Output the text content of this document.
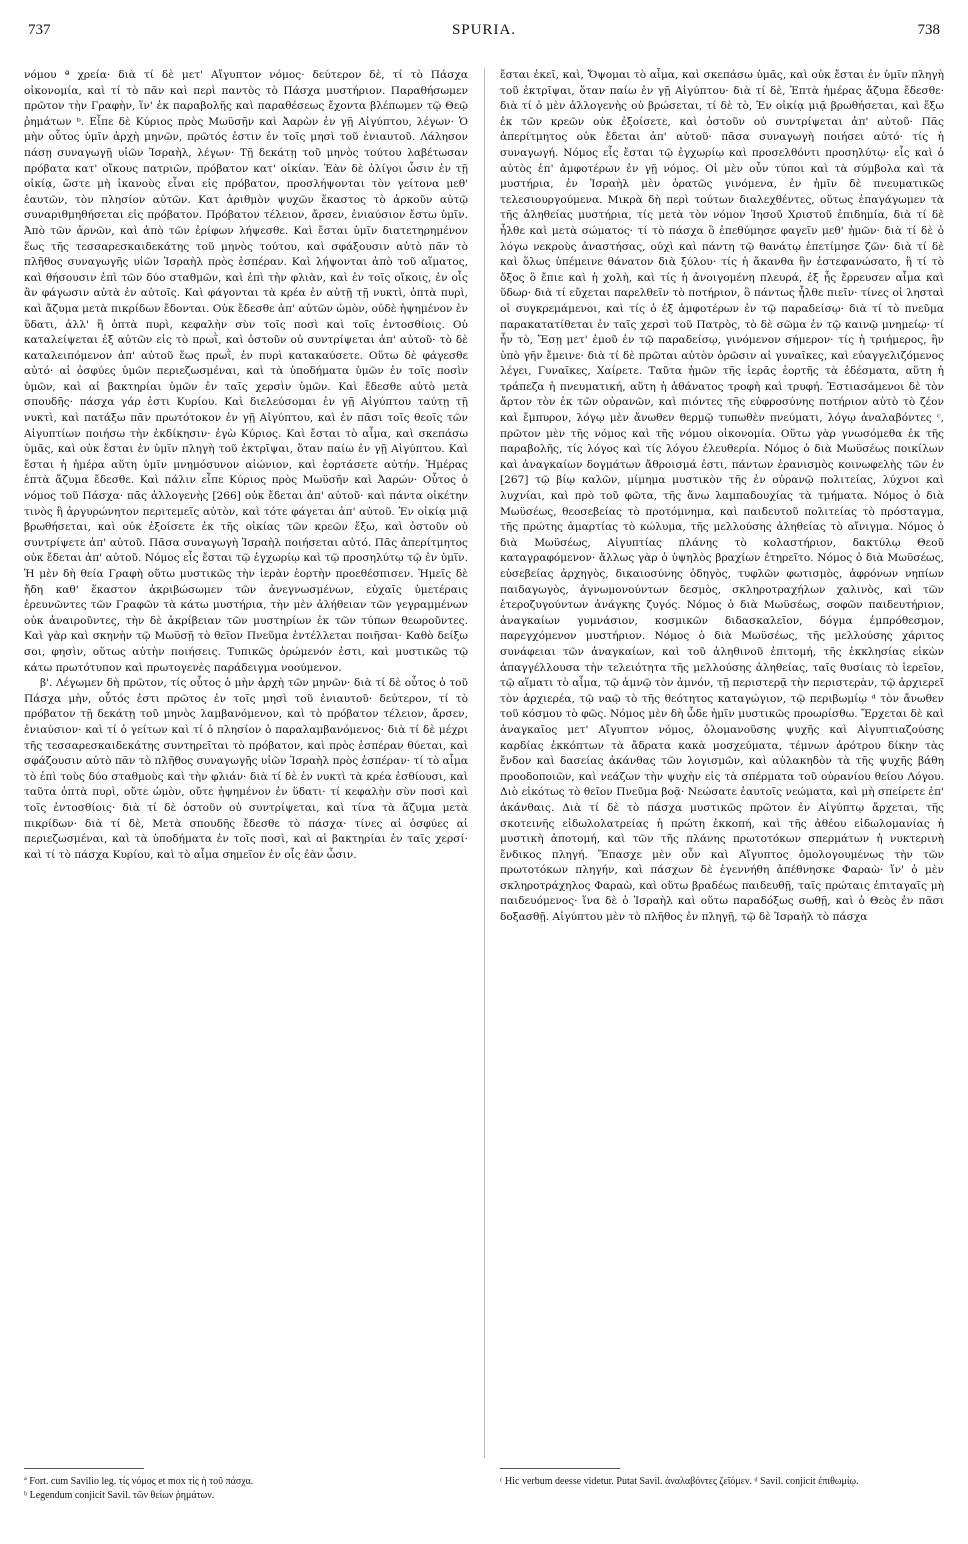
737	SPURIA.	738

νόμου ª χρεία· διὰ τί δὲ μετ' Αἴγυπτον νόμος· δεύτερον δὲ, τί τὸ Πάσχα οἰκονομία, καὶ τί τὸ πᾶν καὶ περὶ παντὸς τὸ Πάσχα μυστήριον. Παραθήσωμεν πρῶτον τὴν Γραφὴν, ἵν' ἐκ παραβολῆς καὶ παραθέσεως ἔχοντα βλέπωμεν τῷ Θεῷ ῥημάτων ᵇ. Εἶπε δὲ Κύριος πρὸς Μωϋσῆν καὶ Ἀαρὼν ἐν γῇ Αἰγύπτου, λέγων· Ὁ μὴν οὗτος ὑμῖν ἀρχὴ μηνῶν, πρῶτός ἐστιν ἐν τοῖς μησὶ τοῦ ἐνιαυτοῦ. Λάλησον πάσῃ συναγωγῇ υἱῶν Ἰσραὴλ, λέγων· Τῇ δεκάτῃ τοῦ μηνὸς τούτου λαβέτωσαν πρόβατα κατ' οἴκους πατριῶν, πρόβατον κατ' οἰκίαν. Ἐὰν δὲ ὀλίγοι ὦσιν ἐν τῇ οἰκίᾳ, ὥστε μὴ ἱκανοὺς εἶναι εἰς πρόβατον, προσλήψονται τὸν γείτονα μεθ' ἑαυτῶν, τὸν πλησίον αὐτῶν. Κατ ἀριθμὸν ψυχῶν ἕκαστος τὸ ἀρκοῦν αὐτῷ συναριθμηθήσεται εἰς πρόβατον. Πρόβατον τέλειον, ἄρσεν, ἐνιαύσιον ἔστω ὑμῖν. Ἀπὸ τῶν ἀρνῶν, καὶ ἀπὸ τῶν ἐρίφων λήψεσθε. Καὶ ἔσται ὑμῖν διατετηρημένον ἕως τῆς τεσσαρεσκαιδεκάτης τοῦ μηνὸς τούτου, καὶ σφάξουσιν αὐτὸ πᾶν τὸ πλῆθος συναγωγῆς υἱῶν Ἰσραὴλ πρὸς ἑσπέραν. Καὶ λήψονται ἀπὸ τοῦ αἵματος, καὶ θήσουσιν ἐπὶ τῶν δύο σταθμῶν, καὶ ἐπὶ τὴν φλιὰν, καὶ ἐν τοῖς οἴκοις, ἐν οἷς ἂν φάγωσιν αὐτὰ ἐν αὐτοῖς. Καὶ φάγονται τὰ κρέα ἐν αὐτῇ τῇ νυκτὶ, ὀπτὰ πυρὶ, καὶ ἄζυμα μετὰ πικρίδων ἔδονται. Οὐκ ἔδεσθε ἀπ' αὐτῶν ὠμὸν, οὐδὲ ἡψημένον ἐν ὕδατι, ἀλλ' ἢ ὀπτὰ πυρὶ, κεφαλὴν σὺν τοῖς ποσὶ καὶ τοῖς ἐντοσθίοις. Οὐ καταλείψεται ἐξ αὐτῶν εἰς τὸ πρωῒ, καὶ ὀστοῦν οὐ συντρίψεται ἀπ' αὐτοῦ· τὸ δὲ καταλειπόμενον ἀπ' αὐτοῦ ἕως πρωῒ, ἐν πυρὶ κατακαύσετε. Οὕτω δὲ φάγεσθε αὐτό· αἱ ὀσφύες ὑμῶν περιεζωσμέναι, καὶ τὰ ὑποδήματα ὑμῶν ἐν τοῖς ποσὶν ὑμῶν, καὶ αἱ βακτηρίαι ὑμῶν ἐν ταῖς χερσὶν ὑμῶν. Καὶ ἔδεσθε αὐτὸ μετὰ σπουδῆς· πάσχα γάρ ἐστι Κυρίου. Καὶ διελεύσομαι ἐν γῇ Αἰγύπτου ταύτῃ τῇ νυκτὶ, καὶ πατάξω πᾶν πρωτότοκον ἐν γῇ Αἰγύπτου, καὶ ἐν πᾶσι τοῖς θεοῖς τῶν Αἰγυπτίων ποιήσω τὴν ἐκδίκησιν· ἐγὼ Κύριος. Καὶ ἔσται τὸ αἷμα, καὶ σκεπάσω ὑμᾶς, καὶ οὐκ ἔσται ἐν ὑμῖν πληγὴ τοῦ ἐκτρῖψαι, ὅταν παίω ἐν γῇ Αἰγύπτου. Καὶ ἔσται ἡ ἡμέρα αὕτη ὑμῖν μνημόσυνον αἰώνιον, καὶ ἑορτάσετε αὐτήν. Ἡμέρας ἑπτὰ ἄζυμα ἔδεσθε. Καὶ πάλιν εἶπε Κύριος πρὸς Μωϋσῆν καὶ Ἀαρών· Οὗτος ὁ νόμος τοῦ Πάσχα· πᾶς ἀλλογενὴς [266] οὐκ ἔδεται ἀπ' αὐτοῦ· καὶ πάντα οἰκέτην τινὸς ἢ ἀργυρώνητον περιτεμεῖς αὐτὸν, καὶ τότε φάγεται ἀπ' αὐτοῦ. Ἐν οἰκίᾳ μιᾷ βρωθήσεται, καὶ οὐκ ἐξοίσετε ἐκ τῆς οἰκίας τῶν κρεῶν ἔξω, καὶ ὀστοῦν οὐ συντρίψετε ἀπ' αὐτοῦ. Πᾶσα συναγωγὴ Ἰσραὴλ ποιήσεται αὐτό. Πᾶς ἀπερίτμητος οὐκ ἔδεται ἀπ' αὐτοῦ. Νόμος εἷς ἔσται τῷ ἐγχωρίῳ καὶ τῷ προσηλύτῳ τῷ ἐν ὑμῖν. Ἡ μὲν δὴ θεία Γραφὴ οὕτω μυστικῶς τὴν ἱερὰν ἑορτὴν προεθέσπισεν. Ἡμεῖς δὲ ἤδη καθ' ἕκαστον ἀκριβώσωμεν τῶν ἀνεγνωσμένων, εὐχαῖς ὑμετέραις ἐρευνῶντες τῶν Γραφῶν τὰ κάτω μυστήρια, τὴν μὲν ἀλήθειαν τῶν γεγραμμένων οὐκ ἀναιροῦντες, τὴν δὲ ἀκρίβειαν τῶν μυστηρίων ἐκ τῶν τύπων θεωροῦντες. Καὶ γὰρ καὶ σκηνὴν τῷ Μωϋσῇ τὸ θεῖον Πνεῦμα ἐντέλλεται ποιῆσαι· Καθὸ δείξω σοι, φησὶν, οὕτως αὐτὴν ποιήσεις. Τυπικῶς ὁρώμενόν ἐστι, καὶ μυστικῶς τῷ κάτω πρωτότυπον καὶ πρωτογενὲς παράδειγμα νοούμενον.

β'. Λέγωμεν δὴ πρῶτον, τίς οὗτος ὁ μὴν ἀρχὴ τῶν μηνῶν· διὰ τί δὲ οὗτος ὁ τοῦ Πάσχα μὴν, οὗτός ἐστι πρῶτος ἐν τοῖς μησὶ τοῦ ἐνιαυτοῦ· δεύτερον, τί τὸ πρόβατον τῇ δεκάτῃ τοῦ μηνὸς λαμβανόμενον, καὶ τὸ πρόβατον τέλειον, ἄρσεν, ἐνιαύσιον· καὶ τί ὁ γείτων καὶ τί ὁ πλησίον ὁ παραλαμβανόμενος· διὰ τί δὲ μέχρι τῆς τεσσαρεσκαιδεκάτης συντηρεῖται τὸ πρόβατον, καὶ πρὸς ἑσπέραν θύεται, καὶ σφάζουσιν αὐτὸ πᾶν τὸ πλῆθος συναγωγῆς υἱῶν Ἰσραὴλ πρὸς ἑσπέραν· τί τὸ αἷμα τὸ ἐπὶ τοὺς δύο σταθμοὺς καὶ τὴν φλιάν· διὰ τί δὲ ἐν νυκτὶ τὰ κρέα ἐσθίουσι, καὶ ταῦτα ὀπτὰ πυρὶ, οὔτε ὠμὸν, οὔτε ἡψημένον ἐν ὕδατι· τί κεφαλὴν σὺν ποσὶ καὶ τοῖς ἐντοσθίοις· διὰ τί δὲ ὀστοῦν οὐ συντρίψεται, καὶ τίνα τὰ ἄζυμα μετὰ πικρίδων· διὰ τί δὲ, Μετὰ σπουδῆς ἔδεσθε τὸ πάσχα· τίνες αἱ ὀσφύες αἱ περιεζωσμέναι, καὶ τὰ ὑποδήματα ἐν τοῖς ποσὶ, καὶ αἱ βακτηρίαι ἐν ταῖς χερσί· καὶ τί τὸ πάσχα Κυρίου, καὶ τὸ αἷμα σημεῖον ἐν οἷς ἐὰν ὦσιν.

ἔσται ἐκεῖ, καὶ, Ὄψομαι τὸ αἷμα, καὶ σκεπάσω ὑμᾶς, καὶ οὐκ ἔσται ἐν ὑμῖν πληγὴ τοῦ ἐκτρῖψαι, ὅταν παίω ἐν γῇ Αἰγύπτου· διὰ τί δὲ, Ἑπτὰ ἡμέρας ἄζυμα ἔδεσθε· διὰ τί ὁ μὲν ἀλλογενὴς οὐ βρώσεται, τί δὲ τὸ, Ἐν οἰκίᾳ μιᾷ βρωθήσεται, καὶ ἔξω ἐκ τῶν κρεῶν οὐκ ἐξοίσετε, καὶ ὀστοῦν οὐ συντρίψεται ἀπ' αὐτοῦ· Πᾶς ἀπερίτμητος οὐκ ἔδεται ἀπ' αὐτοῦ· πᾶσα συναγωγὴ ποιήσει αὐτό· τίς ἡ συναγωγή. Νόμος εἷς ἔσται τῷ ἐγχωρίῳ καὶ προσελθόντι προσηλύτῳ· εἷς καὶ ὁ αὐτὸς ἐπ' ἀμφοτέρων ἐν γῇ νόμος. Οἱ μὲν οὖν τύποι καὶ τὰ σύμβολα καὶ τὰ μυστήρια, ἐν Ἰσραὴλ μὲν ὁρατῶς γινόμενα, ἐν ἡμῖν δὲ πνευματικῶς τελεσιουργούμενα. Μικρὰ δὴ περὶ τούτων διαλεχθέντες, οὕτως ἐπαγάγωμεν τὰ τῆς ἀληθείας μυστήρια, τίς μετὰ τὸν νόμον Ἰησοῦ Χριστοῦ ἐπιδημία, διὰ τί δὲ ἦλθε καὶ μετὰ σώματος· τί τὸ πάσχα ὃ ἐπεθύμησε φαγεῖν μεθ' ἡμῶν· διὰ τί δὲ ὁ λόγω νεκροὺς ἀναστήσας, οὐχὶ καὶ πάντη τῷ θανάτῳ ἐπετίμησε ζῶν· διὰ τί δὲ καὶ ὅλως ὑπέμεινε θάνατον διὰ ξύλου· τίς ἡ ἄκανθα ἣν ἐστεφανώσατο, ἢ τί τὸ ὄξος ὃ ἔπιε καὶ ἡ χολὴ, καὶ τίς ἡ ἀνοιγομένη πλευρά, ἐξ ἧς ἔρρευσεν αἷμα καὶ ὕδωρ· διὰ τί εὔχεται παρελθεῖν τὸ ποτήριον, ὃ πάντως ἦλθε πιεῖν· τίνες οἱ λησταὶ οἱ συγκρεμάμενοι, καὶ τίς ὁ ἐξ ἀμφοτέρων ἐν τῷ παραδείσῳ· διὰ τί τὸ πνεῦμα παρακατατίθεται ἐν ταῖς χερσὶ τοῦ Πατρὸς, τὸ δὲ σῶμα ἐν τῷ καινῷ μνημείῳ· τί ἦν τὸ, Ἔσῃ μετ' ἐμοῦ ἐν τῷ παραδείσῳ, γινόμενον σήμερον· τίς ἡ τριήμερος, ἣν ὑπὸ γῆν ἔμεινε· διὰ τί δὲ πρῶται αὐτὸν ὁρῶσιν αἱ γυναῖκες, καὶ εὐαγγελιζόμενος λέγει, Γυναῖκες, Χαίρετε. Ταῦτα ἡμῶν τῆς ἱερᾶς ἑορτῆς τὰ ἐδέσματα, αὕτη ἡ τράπεζα ἡ πνευματική, αὕτη ἡ ἀθάνατος τροφὴ καὶ τρυφή. Ἑστιασάμενοι δὲ τὸν ἄρτον τὸν ἐκ τῶν οὐρανῶν, καὶ πιόντες τῆς εὐφροσύνης ποτήριον αὐτὸ τὸ ζέον καὶ ἔμπυρον, λόγῳ μὲν ἄνωθεν θερμῷ τυπωθὲν πνεύματι, λόγῳ ἀναλαβόντες ᶜ, πρῶτον μὲν τῆς νόμος καὶ τῆς νόμου οἰκονομία. Οὕτω γὰρ γνωσόμεθα ἐκ τῆς παραβολῆς, τίς λόγος καὶ τίς λόγου ἐλευθερία. Νόμος ὁ διὰ Μωϋσέως ποικίλων καὶ ἀναγκαίων δογμάτων ἄθροισμά ἐστι, πάντων ἐρανισμὸς κοινωφελὴς τῶν ἐν [267] τῷ βίῳ καλῶν, μίμημα μυστικὸν τῆς ἐν οὐρανῷ πολιτείας, λύχνοι καὶ λυχνίαι, καὶ πρὸ τοῦ φῶτα, τῆς ἄνω λαμπαδουχίας τὰ τμήματα. Νόμος ὁ διὰ Μωϋσέως, θεοσεβείας τὸ προτόμνημα, καὶ παιδευτοῦ πολιτείας τὸ πρόσταγμα, τῆς πρώτης ἁμαρτίας τὸ κώλυμα, τῆς μελλούσης ἀληθείας τὸ αἴνιγμα. Νόμος ὁ διὰ Μωϋσέως, Αἰγυπτίας πλάνης τὸ κολαστήριον, δακτύλῳ Θεοῦ καταγραφόμενον· ἄλλως γὰρ ὁ ὑψηλὸς βραχίων ἐτηρεῖτο. Νόμος ὁ διὰ Μωϋσέως, εὐσεβείας ἀρχηγὸς, δικαιοσύνης ὁδηγὸς, τυφλῶν φωτισμὸς, ἀφρόνων νηπίων παιδαγωγὸς, ἀγνωμονούντων δεσμὸς, σκληροτραχήλων χαλινὸς, καὶ τῶν ἑτεροζυγούντων ἀνάγκης ζυγός. Νόμος ὁ διὰ Μωϋσέως, σοφῶν παιδευτήριον, ἀναγκαίων γυμνάσιον, κοσμικῶν διδασκαλεῖον, δόγμα ἐμπρόθεσμον, παρεγχόμενον μυστήριον. Νόμος ὁ διὰ Μωϋσέως, τῆς μελλούσης χάριτος συνάφειαι τῶν ἀναγκαίων, καὶ τοῦ ἀληθινοῦ ἐπιτομή, τῆς ἐκκλησίας εἰκὼν ἀπαγγέλλουσα τὴν τελειότητα τῆς μελλούσης ἀληθείας, ταῖς θυσίαις τὸ ἱερεῖον, τῷ αἵματι τὸ αἷμα, τῷ ἀμνῷ τὸν ἀμνόν, τῇ περιστερᾷ τὴν περιστερὰν, τῷ ἀρχιερεῖ τὸν ἀρχιερέα, τῷ ναῷ τὸ τῆς θεότητος καταγώγιον, τῷ περιβωμίῳ ᵈ τὸν ἄνωθεν τοῦ κόσμου τὸ φῶς. Νόμος μὲν δὴ ὧδε ἡμῖν μυστικῶς προωρίσθω. Ἔρχεται δὲ καὶ ἀναγκαῖος μετ' Αἴγυπτον νόμος, ὁλομανοῦσης ψυχῆς καὶ Αἰγυπτιαζούσης καρδίας ἐκκόπτων τὰ ἄδρατα κακὰ μοσχεύματα, τέμνων ἀρότρου δίκην τὰς ἔνδον καὶ δασείας ἀκάνθας τῶν λογισμῶν, καὶ αὐλακηδὸν τὰ τῆς ψυχῆς βάθη προοδοποιῶν, καὶ νεάζων τὴν ψυχὴν εἰς τὰ σπέρματα τοῦ οὐρανίου θείου Λόγου. Διὸ εἰκότως τὸ θεῖον Πνεῦμα βοᾷ· Νεώσατε ἑαυτοῖς νεώματα, καὶ μὴ σπείρετε ἐπ' ἀκάνθαις. Διὰ τί δὲ τὸ πάσχα μυστικῶς πρῶτον ἐν Αἰγύπτῳ ἄρχεται, τῆς σκοτεινῆς εἰδωλολατρείας ἡ πρώτη ἐκκοπή, καὶ τῆς ἀθέου εἰδωλομανίας ἡ μυστικὴ ἀποτομή, καὶ τῶν τῆς πλάνης πρωτοτόκων σπερμάτων ἡ νυκτερινὴ ἔνδικος πληγή. Ἔπασχε μὲν οὖν καὶ Αἴγυπτος ὁμολογουμένως τὴν τῶν πρωτοτόκων πληγήν, καὶ πάσχων δὲ ἐγεννήθη ἀπέθνησκε Φαραὼ· ἵν' ὁ μὲν σκληροτράχηλος Φαραὼ, καὶ οὕτω βραδέως παιδευθῇ, ταῖς πρώταις ἐπιταγαῖς μὴ παιδευόμενος· ἵνα δὲ ὁ Ἰσραὴλ καὶ οὕτω παραδόξως σωθῇ, καὶ ὁ Θεὸς ἐν πᾶσι δοξασθῇ. Αἰγύπτου μὲν τὸ πλῆθος ἐν πληγῇ, τῷ δὲ Ἰσραὴλ τὸ πάσχα

ª Fort. cum Savilio leg. τίς νόμος et mox τίς ἡ τοῦ πάσχα.
ᵇ Legendum conjicit Savil. τῶν θείων ῥημάτων.
ᶜ Hic verbum deesse videtur. Putat Savil. ἀναλαβόντες ζεῖόμεν. ᵈ Savil. conjicit ἐπιθωμίῳ.
